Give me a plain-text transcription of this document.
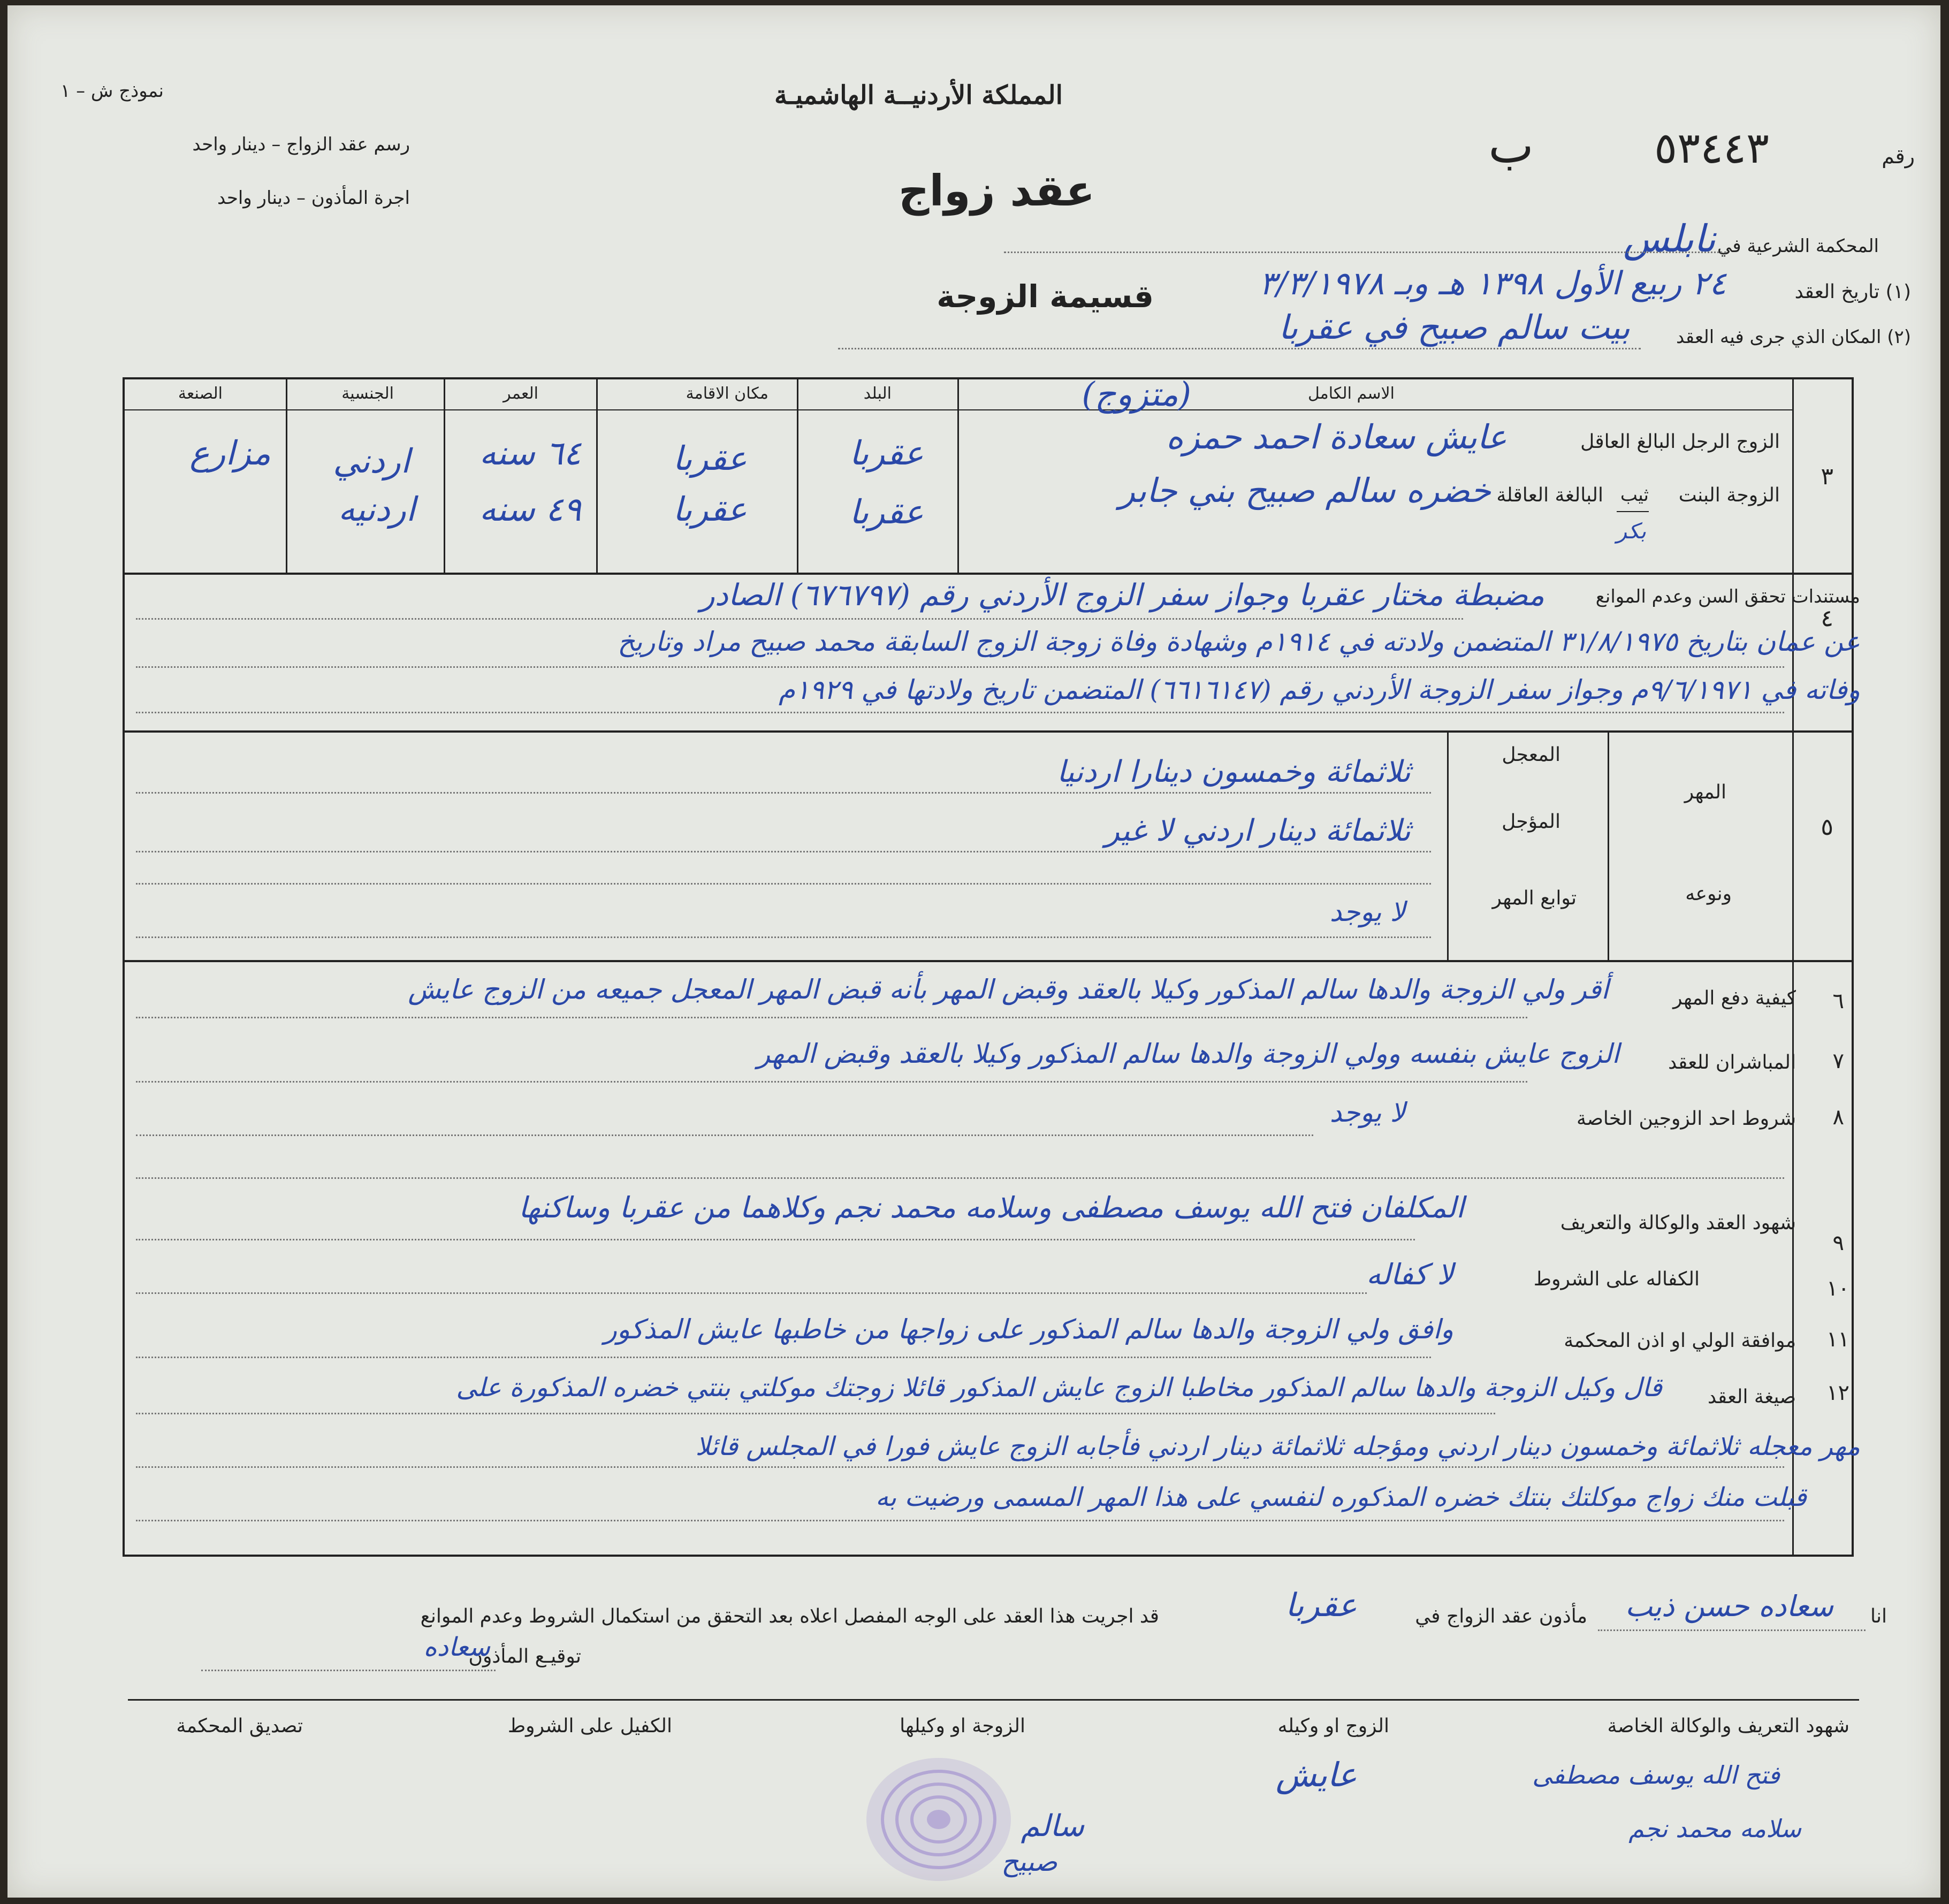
نموذج ش – ١
رسم عقد الزواج – دينار واحد
اجرة المأذون – دينار واحد
المملكة الأردنيــة الهاشميـة
عقد زواج
رقم
٥٣٤٤٣
ب
المحكمة الشرعية في
نابلس
(١) تاريخ العقد
٢٤ ربيع الأول ١٣٩٨ هـ وبـ ٣/٣/١٩٧٨
قسيمة الزوجة
(٢) المكان الذي جرى فيه العقد
بيت سالم صبيح في عقربا
٣
الاسم الكامل
البلد
مكان الاقامة
العمر
الجنسية
الصنعة	(متزوج)
الزوج الرجل البالغ العاقل
عايش سعادة احمد حمزه
عقربا
عقربا
٦٤ سنه
اردني
مزارع
الزوجة البنت
ثيب
بكر
البالغة العاقلة
خضره سالم صبيح بني جابر
عقربا
عقربا
٤٩ سنه
اردنيه
٤
مستندات تحقق السن وعدم الموانع
مضبطة مختار عقربا وجواز سفر الزوج الأردني رقم (٦٧٦٧٩٧) الصادر
عن عمان بتاريخ ٣١/٨/١٩٧٥ المتضمن ولادته في ١٩١٤م وشهادة وفاة زوجة الزوج السابقة محمد صبيح مراد وتاريخ
وفاته في ٩/٦/١٩٧١م وجواز سفر الزوجة الأردني رقم (٦٦١٦١٤٧) المتضمن تاريخ ولادتها في ١٩٢٩م
٥
المهر
ونوعه
المعجل
المؤجل
توابع المهر
ثلاثمائة وخمسون دينارا اردنيا
ثلاثمائة دينار اردني لا غير
لا يوجد
٦
كيفية دفع المهر
أقر ولي الزوجة والدها سالم المذكور وكيلا بالعقد وقبض المهر بأنه قبض المهر المعجل جميعه من الزوج عايش
٧
المباشران للعقد
الزوج عايش بنفسه وولي الزوجة والدها سالم المذكور وكيلا بالعقد وقبض المهر
٨
شروط احد الزوجين الخاصة
لا يوجد
٩
شهود العقد والوكالة والتعريف
المكلفان فتح الله يوسف مصطفى وسلامه محمد نجم وكلاهما من عقربا وساكنها
١٠
الكفاله على الشروط
لا كفاله
١١
موافقة الولي او اذن المحكمة
وافق ولي الزوجة والدها سالم المذكور على زواجها من خاطبها عايش المذكور
١٢
صيغة العقد
قال وكيل الزوجة والدها سالم المذكور مخاطبا الزوج عايش المذكور قائلا زوجتك موكلتي بنتي خضره المذكورة على
مهر معجله ثلاثمائة وخمسون دينار اردني ومؤجله ثلاثمائة دينار اردني فأجابه الزوج عايش فورا في المجلس قائلا
قبلت منك زواج موكلتك بنتك خضره المذكوره لنفسي على هذا المهر المسمى ورضيت به
انا
سعاده حسن ذيب
مأذون عقد الزواج في
عقربا
قد اجريت هذا العقد على الوجه المفصل اعلاه بعد التحقق من استكمال الشروط وعدم الموانع
توقيـع المأذون
سعاده
شهود التعريف والوكالة الخاصة
الزوج او وكيله
الزوجة او وكيلها
الكفيل على الشروط
تصديق المحكمة
فتح الله يوسف مصطفى
سلامه محمد نجم
عايش
سالم
صبيح
